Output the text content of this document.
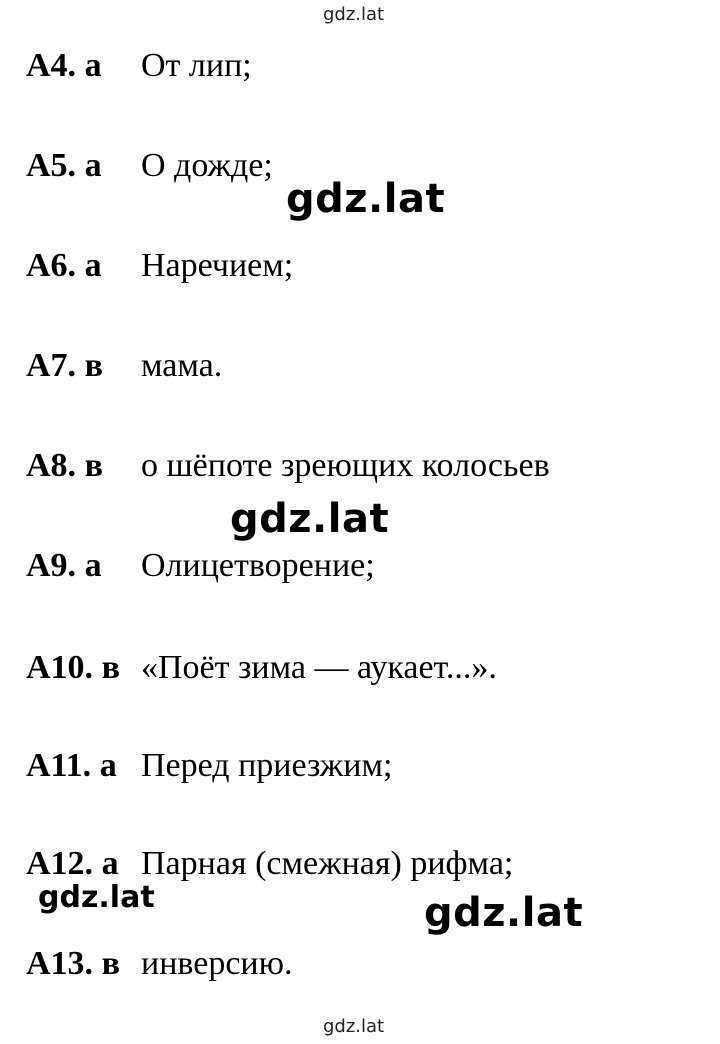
gdz.lat
А4. а От лип;
А5. а О дожде;
gdz.lat
А6. а Наречием;
А7. в мама.
А8. в о шёпоте зреющих колосьев
gdz.lat
А9. а Олицетворение;
А10. в «Поёт зима — аукает...».
А11. а Перед приезжим;
А12. а Парная (смежная) рифма;
gdz.lat	gdz.lat
А13. в инверсию.
gdz.lat
